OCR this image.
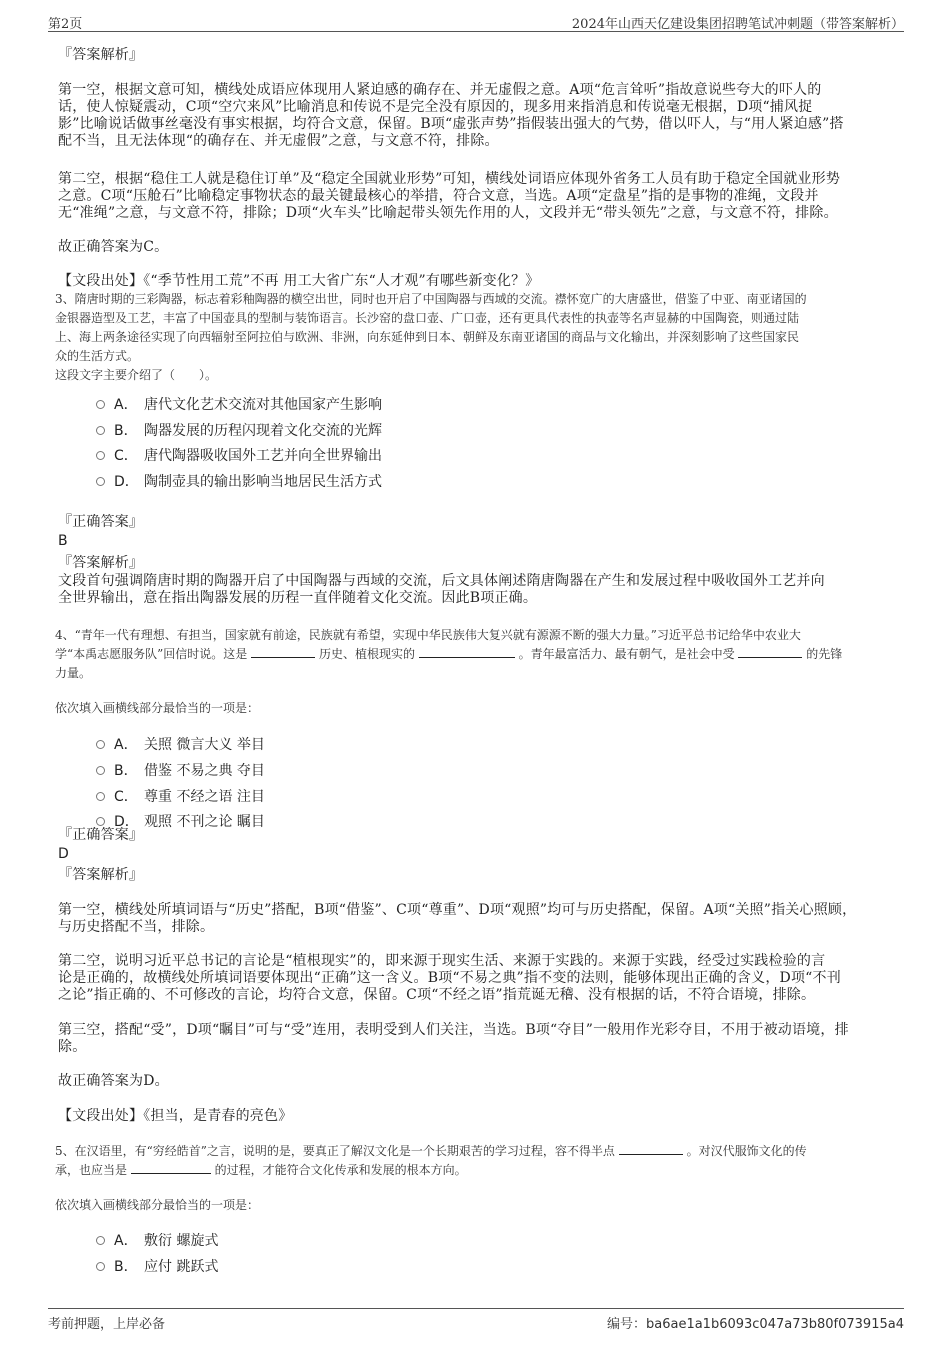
第2页	2024年山西天亿建设集团招聘笔试冲刺题（带答案解析）
『答案解析』
第一空，根据文意可知，横线处成语应体现用人紧迫感的确存在、并无虚假之意。A项“危言耸听”指故意说些夸大的吓人的
话，使人惊疑震动，C项“空穴来风”比喻消息和传说不是完全没有原因的，现多用来指消息和传说毫无根据，D项“捕风捉
影”比喻说话做事丝毫没有事实根据，均符合文意，保留。B项“虚张声势”指假装出强大的气势，借以吓人，与“用人紧迫感”搭
配不当，且无法体现“的确存在、并无虚假”之意，与文意不符，排除。
第二空，根据“稳住工人就是稳住订单”及“稳定全国就业形势”可知，横线处词语应体现外省务工人员有助于稳定全国就业形势
之意。C项“压舱石”比喻稳定事物状态的最关键最核心的举措，符合文意，当选。A项“定盘星”指的是事物的准绳，文段并
无“准绳”之意，与文意不符，排除；D项“火车头”比喻起带头领先作用的人，文段并无“带头领先”之意，与文意不符，排除。
故正确答案为C。
【文段出处】《“季节性用工荒”不再 用工大省广东“人才观”有哪些新变化？》
3、隋唐时期的三彩陶器，标志着彩釉陶器的横空出世，同时也开启了中国陶器与西域的交流。襟怀宽广的大唐盛世，借鉴了中亚、南亚诸国的
金银器造型及工艺，丰富了中国壶具的型制与装饰语言。长沙窑的盘口壶、广口壶，还有更具代表性的执壶等名声显赫的中国陶瓷，则通过陆
上、海上两条途径实现了向西辐射至阿拉伯与欧洲、非洲，向东延伸到日本、朝鲜及东南亚诸国的商品与文化输出，并深刻影响了这些国家民
众的生活方式。
这段文字主要介绍了（　　）。
A． 唐代文化艺术交流对其他国家产生影响
B． 陶器发展的历程闪现着文化交流的光辉
C． 唐代陶器吸收国外工艺并向全世界输出
D． 陶制壶具的输出影响当地居民生活方式
『正确答案』
B
『答案解析』
文段首句强调隋唐时期的陶器开启了中国陶器与西域的交流，后文具体阐述隋唐陶器在产生和发展过程中吸收国外工艺并向
全世界输出，意在指出陶器发展的历程一直伴随着文化交流。因此B项正确。
4、“青年一代有理想、有担当，国家就有前途，民族就有希望，实现中华民族伟大复兴就有源源不断的强大力量。”习近平总书记给华中农业大
学“本禹志愿服务队”回信时说。这是	历史、植根现实的	。青年最富活力、最有朝气，是社会中受	的先锋
力量。
依次填入画横线部分最恰当的一项是：
A． 关照 微言大义 举目
B． 借鉴 不易之典 夺目
C． 尊重 不经之语 注目
D． 观照 不刊之论 瞩目
『正确答案』
D
『答案解析』
第一空，横线处所填词语与“历史”搭配，B项“借鉴”、C项“尊重”、D项“观照”均可与历史搭配，保留。A项“关照”指关心照顾，
与历史搭配不当，排除。
第二空，说明习近平总书记的言论是“植根现实”的，即来源于现实生活、来源于实践的。来源于实践，经受过实践检验的言
论是正确的，故横线处所填词语要体现出“正确”这一含义。B项“不易之典”指不变的法则，能够体现出正确的含义，D项“不刊
之论”指正确的、不可修改的言论，均符合文意，保留。C项“不经之语”指荒诞无稽、没有根据的话，不符合语境，排除。
第三空，搭配“受”，D项“瞩目”可与“受”连用，表明受到人们关注，当选。B项“夺目”一般用作光彩夺目，不用于被动语境，排
除。
故正确答案为D。
【文段出处】《担当，是青春的亮色》
5、在汉语里，有“穷经皓首”之言，说明的是，要真正了解汉文化是一个长期艰苦的学习过程，容不得半点	。对汉代服饰文化的传
承，也应当是	的过程，才能符合文化传承和发展的根本方向。
依次填入画横线部分最恰当的一项是：
A． 敷衍 螺旋式
B． 应付 跳跃式
考前押题，上岸必备	编号：ba6ae1a1b6093c047a73b80f073915a4
